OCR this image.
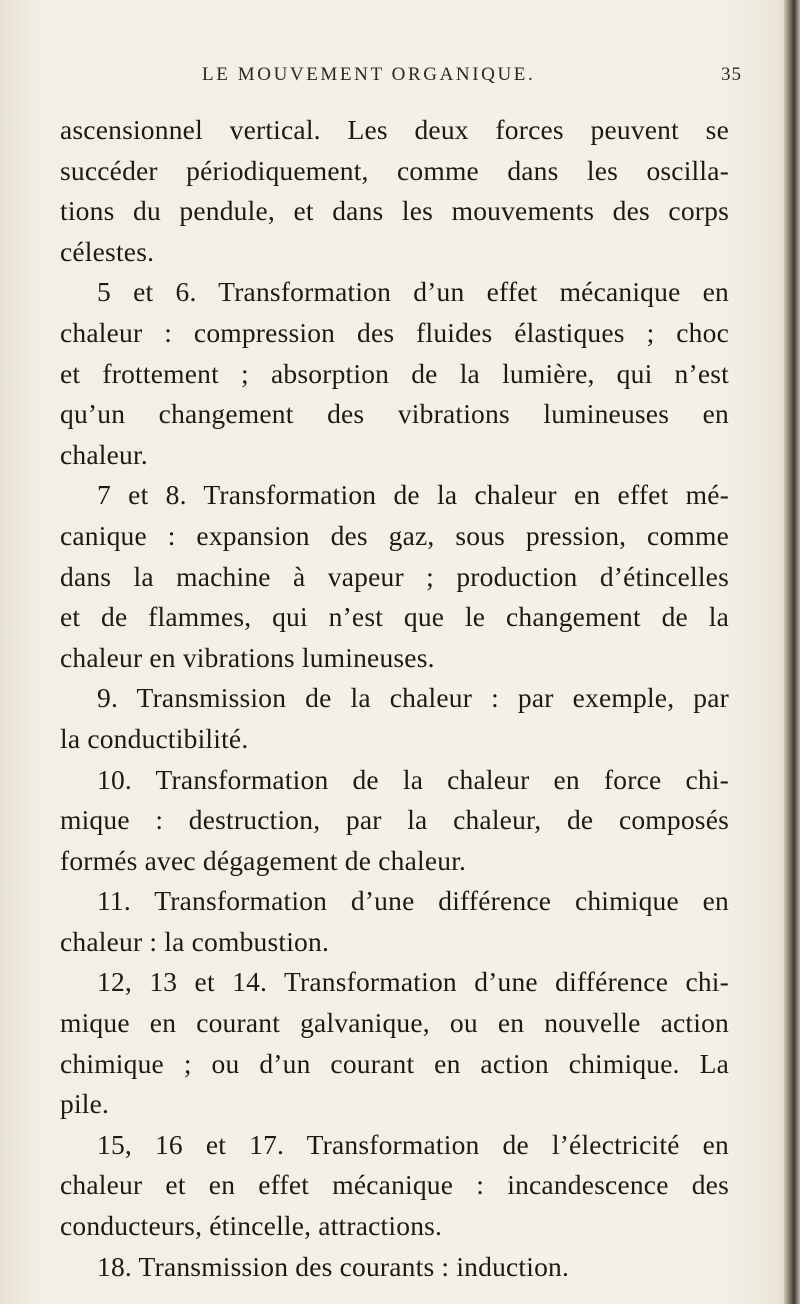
LE MOUVEMENT ORGANIQUE.	35
ascensionnel vertical. Les deux forces peuvent se
succéder périodiquement, comme dans les oscilla-
tions du pendule, et dans les mouvements des corps
célestes.
5 et 6. Transformation d’un effet mécanique en
chaleur : compression des fluides élastiques ; choc
et frottement ; absorption de la lumière, qui n’est
qu’un changement des vibrations lumineuses en
chaleur.
7 et 8. Transformation de la chaleur en effet mé-
canique : expansion des gaz, sous pression, comme
dans la machine à vapeur ; production d’étincelles
et de flammes, qui n’est que le changement de la
chaleur en vibrations lumineuses.
9. Transmission de la chaleur : par exemple, par
la conductibilité.
10. Transformation de la chaleur en force chi-
mique : destruction, par la chaleur, de composés
formés avec dégagement de chaleur.
11. Transformation d’une différence chimique en
chaleur : la combustion.
12, 13 et 14. Transformation d’une différence chi-
mique en courant galvanique, ou en nouvelle action
chimique ; ou d’un courant en action chimique. La
pile.
15, 16 et 17. Transformation de l’électricité en
chaleur et en effet mécanique : incandescence des
conducteurs, étincelle, attractions.
18. Transmission des courants : induction.
